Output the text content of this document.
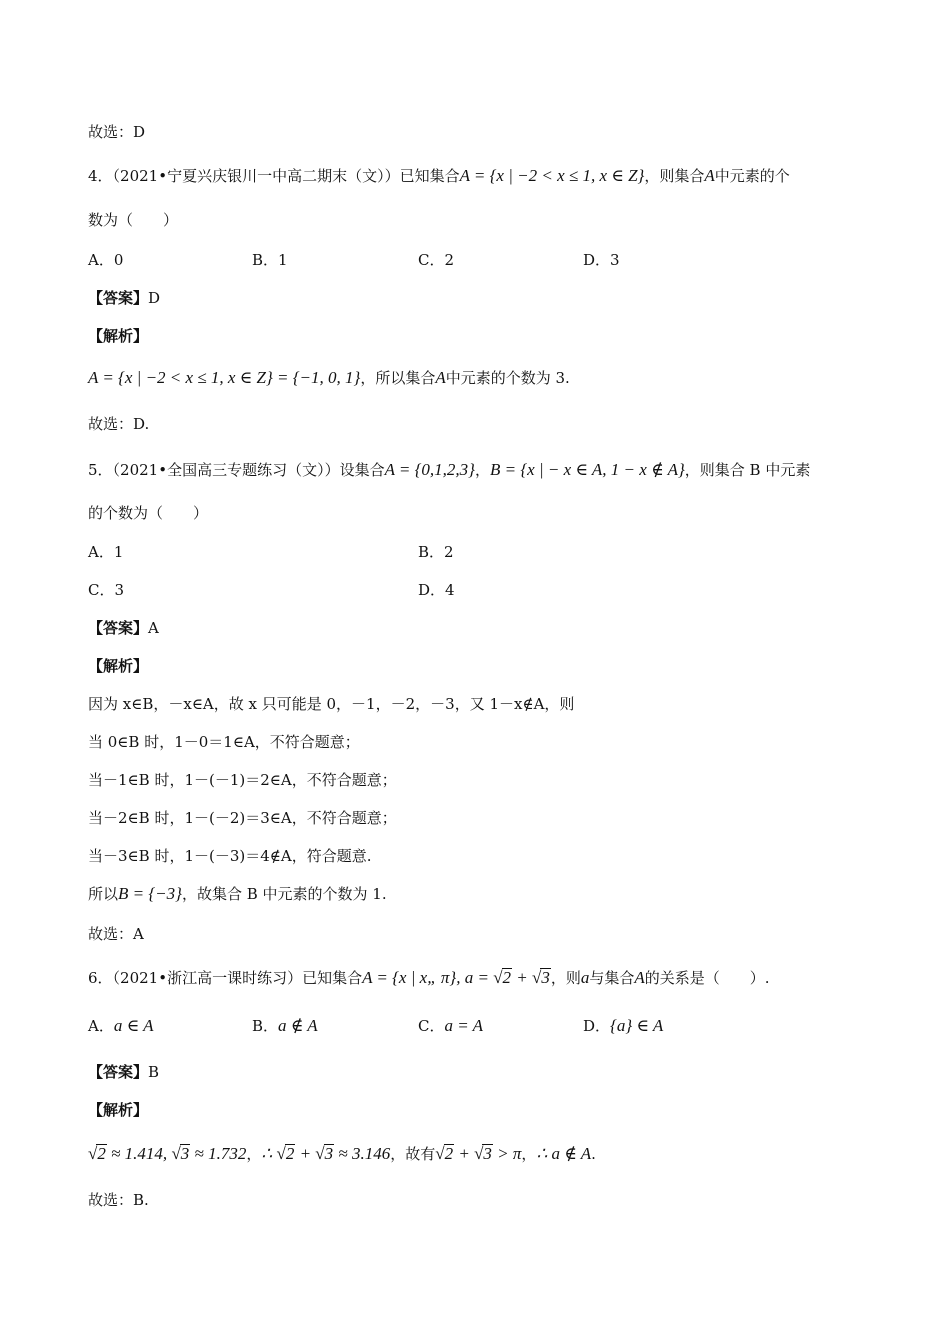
故选：D
4．（2021•宁夏兴庆银川一中高二期末（文））已知集合A = {x | −2 < x ≤ 1, x ∈ Z}，则集合A中元素的个
数为（　　）
A．0	B．1	C．2	D．3
【答案】D
【解析】
A = {x | −2 < x ≤ 1, x ∈ Z} = {−1, 0, 1}，所以集合A中元素的个数为 3.
故选：D.
5．（2021•全国高三专题练习（文））设集合A = {0,1,2,3}，B = {x | − x ∈ A, 1 − x ∉ A}，则集合 B 中元素
的个数为（　　）
A．1	B．2
C．3	D．4
【答案】A
【解析】
因为 x∈B，－x∈A，故 x 只可能是 0，－1，－2，－3，又 1－x∉A，则
当 0∈B 时，1－0＝1∈A，不符合题意；
当－1∈B 时，1－(－1)＝2∈A，不符合题意；
当－2∈B 时，1－(－2)＝3∈A，不符合题意；
当－3∈B 时，1－(－3)＝4∉A，符合题意.
所以B = {−3}，故集合 B 中元素的个数为 1.
故选：A
6．（2021•浙江高一课时练习）已知集合A = {x | x„ π}, a = √2 + √3，则a与集合A的关系是（　　）.
A．a ∈ A	B．a ∉ A	C．a = A	D．{a} ∈ A
【答案】B
【解析】
√2 ≈ 1.414, √3 ≈ 1.732，∴ √2 + √3 ≈ 3.146，故有√2 + √3 > π，∴ a ∉ A.
故选：B.
